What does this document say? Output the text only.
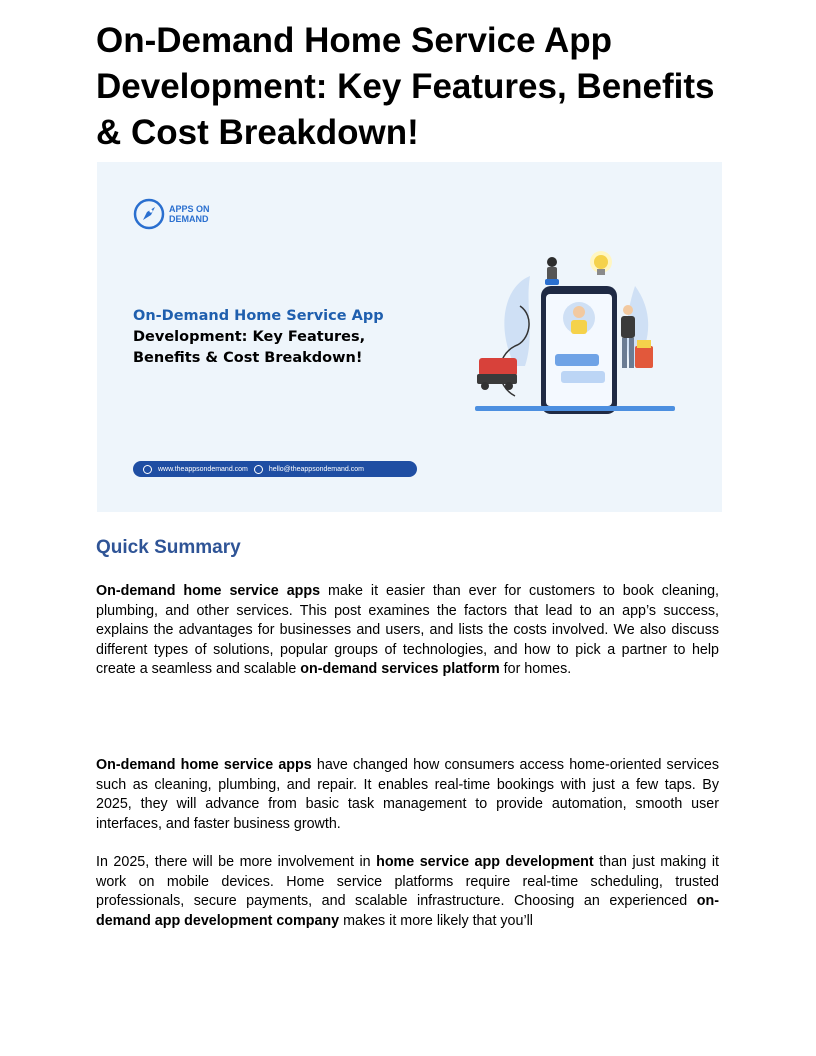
On-Demand Home Service App Development: Key Features, Benefits & Cost Breakdown!
APPS ON DEMAND
On-Demand Home Service App
Development: Key Features, Benefits & Cost Breakdown!
www.theappsondemand.com	hello@theappsondemand.com
Quick Summary

On-demand home service apps make it easier than ever for customers to book cleaning, plumbing, and other services. This post examines the factors that lead to an app’s success, explains the advantages for businesses and users, and lists the costs involved. We also discuss different types of solutions, popular groups of technologies, and how to pick a partner to help create a seamless and scalable on-demand services platform for homes.

On-demand home service apps have changed how consumers access home-oriented services such as cleaning, plumbing, and repair. It enables real-time bookings with just a few taps. By 2025, they will advance from basic task management to provide automation, smooth user interfaces, and faster business growth.

In 2025, there will be more involvement in home service app development than just making it work on mobile devices. Home service platforms require real-time scheduling, trusted professionals, secure payments, and scalable infrastructure. Choosing an experienced on-demand app development company makes it more likely that you’ll
